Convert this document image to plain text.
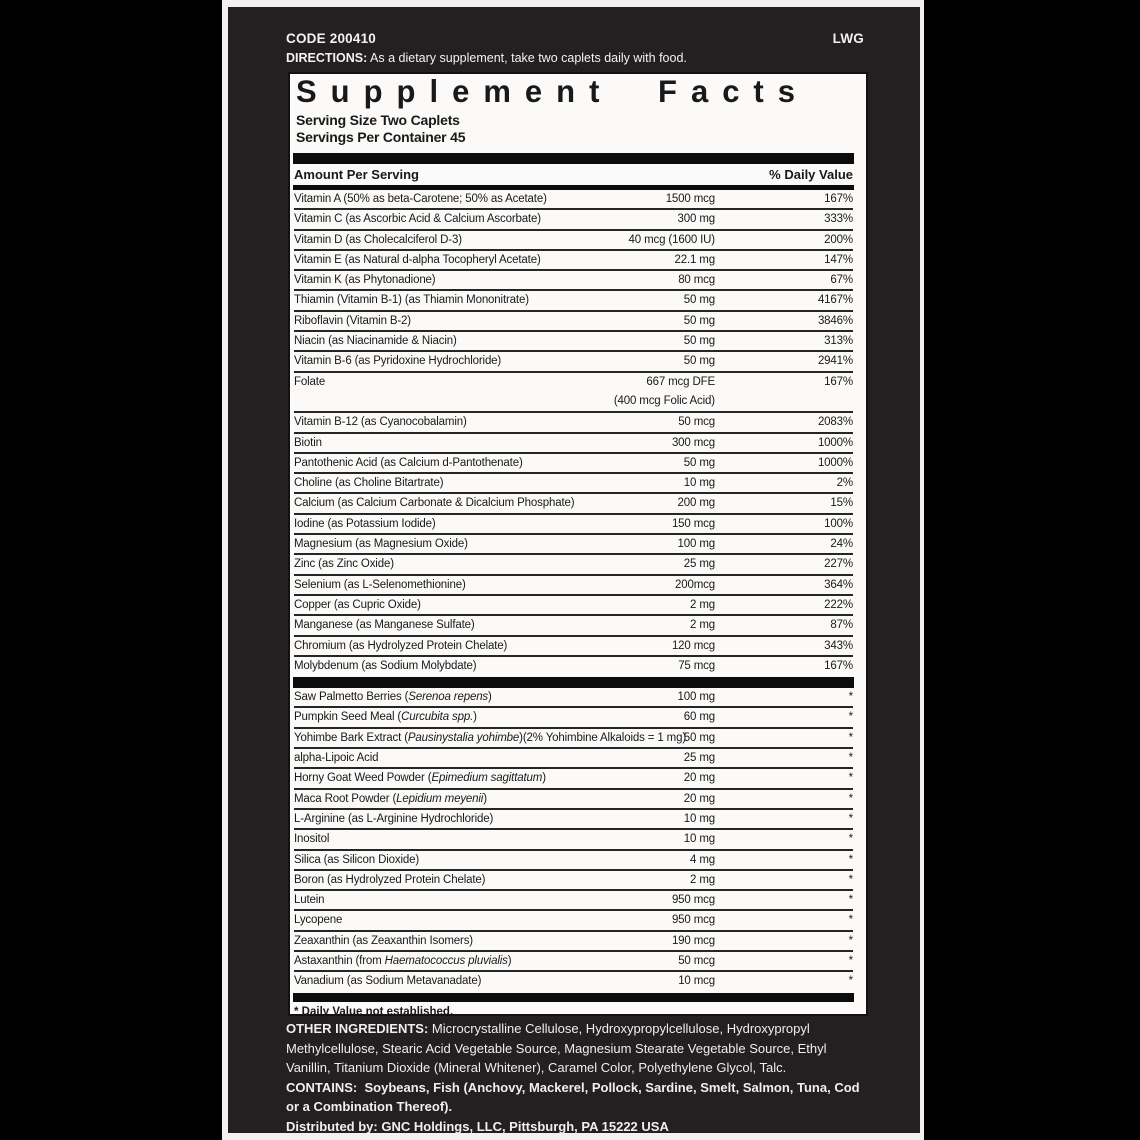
CODE 200410	LWG
DIRECTIONS: As a dietary supplement, take two caplets daily with food.
Supplement Facts
Serving Size Two Caplets
Servings Per Container 45
Amount Per Serving	% Daily Value
Vitamin A (50% as beta-Carotene; 50% as Acetate)	1500 mcg	167%
Vitamin C (as Ascorbic Acid & Calcium Ascorbate)	300 mg	333%
Vitamin D (as Cholecalciferol D-3)	40 mcg (1600 IU)	200%
Vitamin E (as Natural d-alpha Tocopheryl Acetate)	22.1 mg	147%
Vitamin K (as Phytonadione)	80 mcg	67%
Thiamin (Vitamin B-1) (as Thiamin Mononitrate)	50 mg	4167%
Riboflavin (Vitamin B-2)	50 mg	3846%
Niacin (as Niacinamide & Niacin)	50 mg	313%
Vitamin B-6 (as Pyridoxine Hydrochloride)	50 mg	2941%
Folate	667 mcg DFE	167%
(400 mcg Folic Acid)
Vitamin B-12 (as Cyanocobalamin)	50 mcg	2083%
Biotin	300 mcg	1000%
Pantothenic Acid (as Calcium d-Pantothenate)	50 mg	1000%
Choline (as Choline Bitartrate)	10 mg	2%
Calcium (as Calcium Carbonate & Dicalcium Phosphate)	200 mg	15%
Iodine (as Potassium Iodide)	150 mcg	100%
Magnesium (as Magnesium Oxide)	100 mg	24%
Zinc (as Zinc Oxide)	25 mg	227%
Selenium (as L-Selenomethionine)	200mcg	364%
Copper (as Cupric Oxide)	2 mg	222%
Manganese (as Manganese Sulfate)	2 mg	87%
Chromium (as Hydrolyzed Protein Chelate)	120 mcg	343%
Molybdenum (as Sodium Molybdate)	75 mcg	167%
Saw Palmetto Berries (Serenoa repens)	100 mg	*
Pumpkin Seed Meal (Curcubita spp.)	60 mg	*
Yohimbe Bark Extract (Pausinystalia yohimbe)(2% Yohimbine Alkaloids = 1 mg)
50 mg	*
alpha-Lipoic Acid	25 mg	*
Horny Goat Weed Powder (Epimedium sagittatum)	20 mg	*
Maca Root Powder (Lepidium meyenii)	20 mg	*
L-Arginine (as L-Arginine Hydrochloride)	10 mg	*
Inositol	10 mg	*
Silica (as Silicon Dioxide)	4 mg	*
Boron (as Hydrolyzed Protein Chelate)	2 mg	*
Lutein	950 mcg	*
Lycopene	950 mcg	*
Zeaxanthin (as Zeaxanthin Isomers)	190 mcg	*
Astaxanthin (from Haematococcus pluvialis)	50 mcg	*
Vanadium (as Sodium Metavanadate)	10 mcg	*
* Daily Value not established.

OTHER INGREDIENTS: Microcrystalline Cellulose, Hydroxypropylcellulose, Hydroxypropyl Methylcellulose, Stearic Acid Vegetable Source, Magnesium Stearate Vegetable Source, Ethyl Vanillin, Titanium Dioxide (Mineral Whitener), Caramel Color, Polyethylene Glycol, Talc.

CONTAINS: Soybeans, Fish (Anchovy, Mackerel, Pollock, Sardine, Smelt, Salmon, Tuna, Cod or a Combination Thereof).

Distributed by: GNC Holdings, LLC, Pittsburgh, PA 15222 USA
